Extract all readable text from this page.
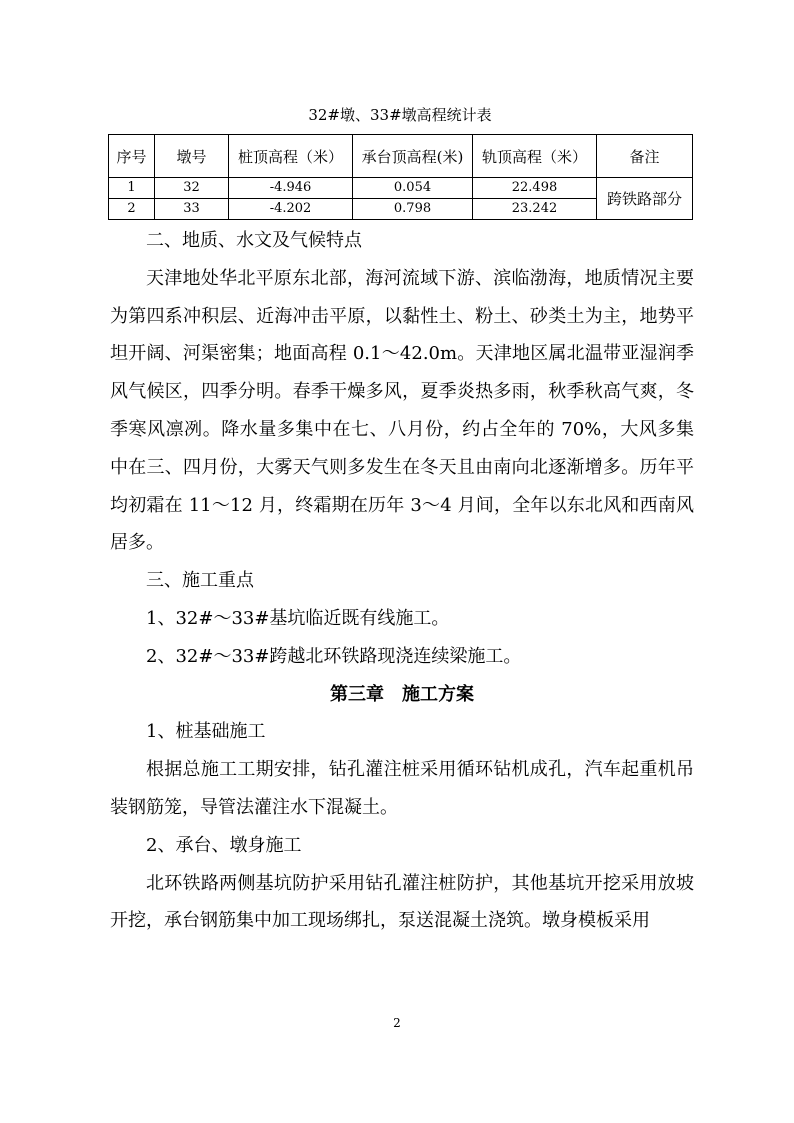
32#墩、33#墩高程统计表
序号	墩号	桩顶高程（米）	承台顶高程(米)	轨顶高程（米）	备注
1	32	-4.946	0.054	22.498	跨铁路部分
2	33	-4.202	0.798	23.242	

二、地质、水文及气候特点

天津地处华北平原东北部，海河流域下游、滨临渤海，地质情况主要为第四系冲积层、近海冲击平原，以黏性土、粉土、砂类土为主，地势平坦开阔、河渠密集；地面高程 0.1～42.0m。天津地区属北温带亚湿润季风气候区，四季分明。春季干燥多风，夏季炎热多雨，秋季秋高气爽，冬季寒风凛冽。降水量多集中在七、八月份，约占全年的 70%，大风多集中在三、四月份，大雾天气则多发生在冬天且由南向北逐渐增多。历年平均初霜在 11～12 月，终霜期在历年 3～4 月间，全年以东北风和西南风居多。

三、施工重点

1、32#～33#基坑临近既有线施工。

2、32#～33#跨越北环铁路现浇连续梁施工。

第三章 施工方案

1、桩基础施工

根据总施工工期安排，钻孔灌注桩采用循环钻机成孔，汽车起重机吊装钢筋笼，导管法灌注水下混凝土。

2、承台、墩身施工

北环铁路两侧基坑防护采用钻孔灌注桩防护，其他基坑开挖采用放坡开挖，承台钢筋集中加工现场绑扎，泵送混凝土浇筑。墩身模板采用

2
